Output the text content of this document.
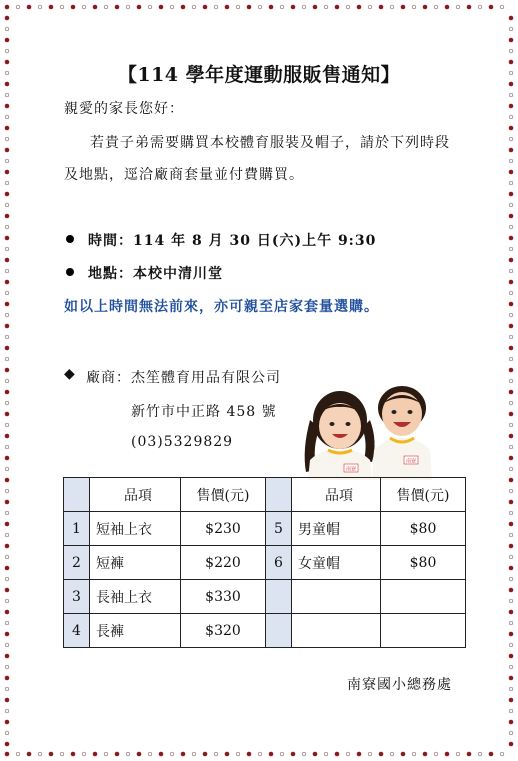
【114 學年度運動服販售通知】
親愛的家長您好：
若貴子弟需要購買本校體育服裝及帽子，請於下列時段
及地點，逕洽廠商套量並付費購買。
時間：114 年 8 月 30 日(六)上午 9:30
地點：本校中清川堂
如以上時間無法前來，亦可親至店家套量選購。
◆ 廠商：杰笙體育用品有限公司
新竹市中正路 458 號
(03)5329829
南寮
南寮
	品項	售價(元)		品項	售價(元)
1	短袖上衣	$230	5	男童帽	$80
2	短褲	$220	6	女童帽	$80
3	長袖上衣	$330			
4	長褲	$320			
南寮國小總務處
